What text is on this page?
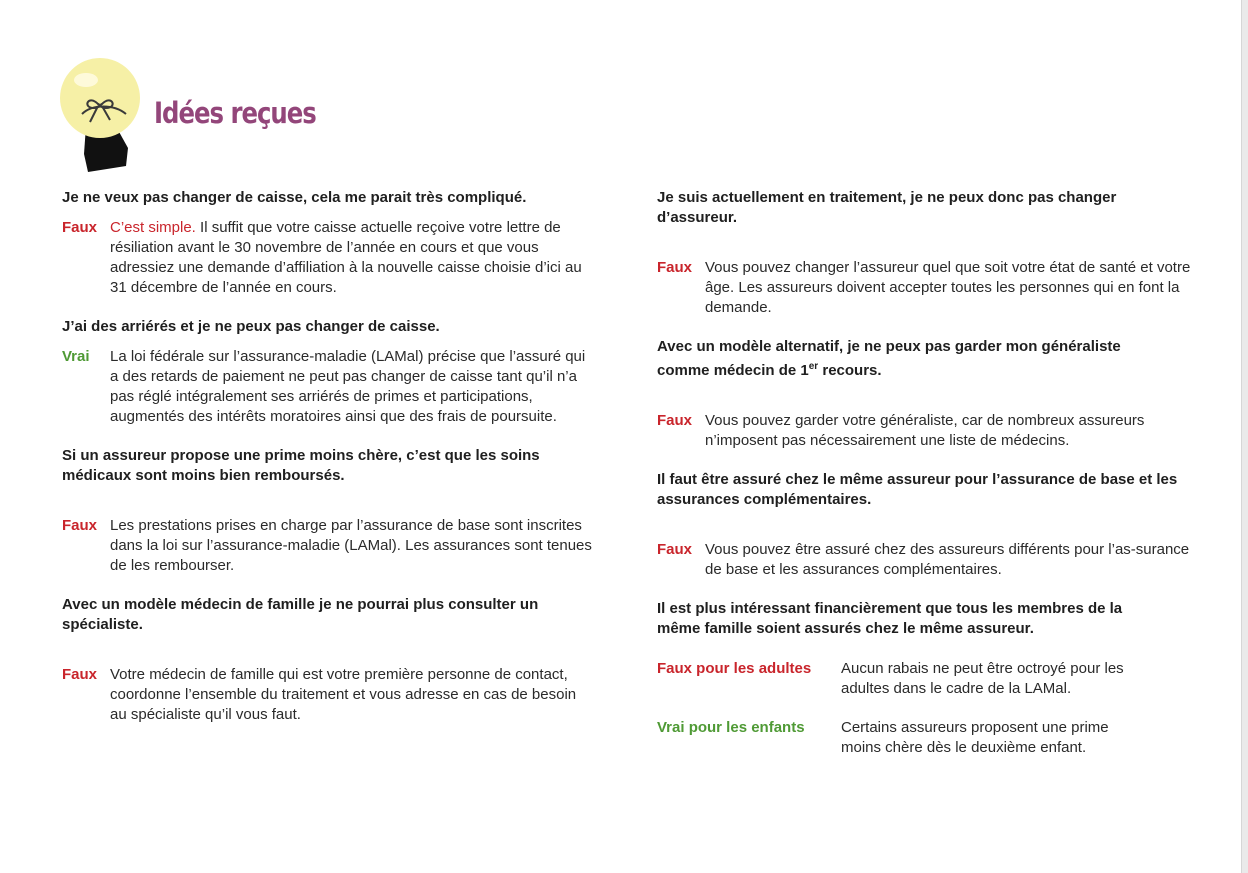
Idées reçues

Je ne veux pas changer de caisse, cela me parait très compliqué.

Faux C’est simple. Il suffit que votre caisse actuelle reçoive votre lettre de résiliation avant le 30 novembre de l’année en cours et que vous adressiez une demande d’affiliation à la nouvelle caisse choisie d’ici au 31 décembre de l’année en cours.

J’ai des arriérés et je ne peux pas changer de caisse.

Vrai	La loi fédérale sur l’assurance-maladie (LAMal) précise que l’assuré qui a des retards de paiement ne peut pas changer de caisse tant qu’il n’a pas réglé intégralement ses arriérés de primes et participations, augmentés des intérêts moratoires ainsi que des frais de poursuite.

Si un assureur propose une prime moins chère, c’est que les soins médicaux sont moins bien remboursés.

Faux Les prestations prises en charge par l’assurance de base sont inscrites dans la loi sur l’assurance-maladie (LAMal). Les assurances sont tenues de les rembourser.

Avec un modèle médecin de famille je ne pourrai plus consulter un spécialiste.

Faux Votre médecin de famille qui est votre première personne de contact, coordonne l’ensemble du traitement et vous adresse en cas de besoin au spécialiste qu’il vous faut.

Je suis actuellement en traitement, je ne peux donc pas changer d’assureur.

Faux Vous pouvez changer l’assureur quel que soit votre état de santé et votre âge. Les assureurs doivent accepter toutes les personnes qui en font la demande.

Avec un modèle alternatif, je ne peux pas garder mon généraliste comme médecin de 1er recours.

Faux Vous pouvez garder votre généraliste, car de nombreux assureurs n’imposent pas nécessairement une liste de médecins.

Il faut être assuré chez le même assureur pour l’assurance de base et les assurances complémentaires.

Faux Vous pouvez être assuré chez des assureurs différents pour l’as-surance de base et les assurances complémentaires.

Il est plus intéressant financièrement que tous les membres de la même famille soient assurés chez le même assureur.

Faux pour les adultes	Aucun rabais ne peut être octroyé pour les adultes dans le cadre de la LAMal.
Vrai pour les enfants	Certains assureurs proposent une prime moins chère dès le deuxième enfant.
